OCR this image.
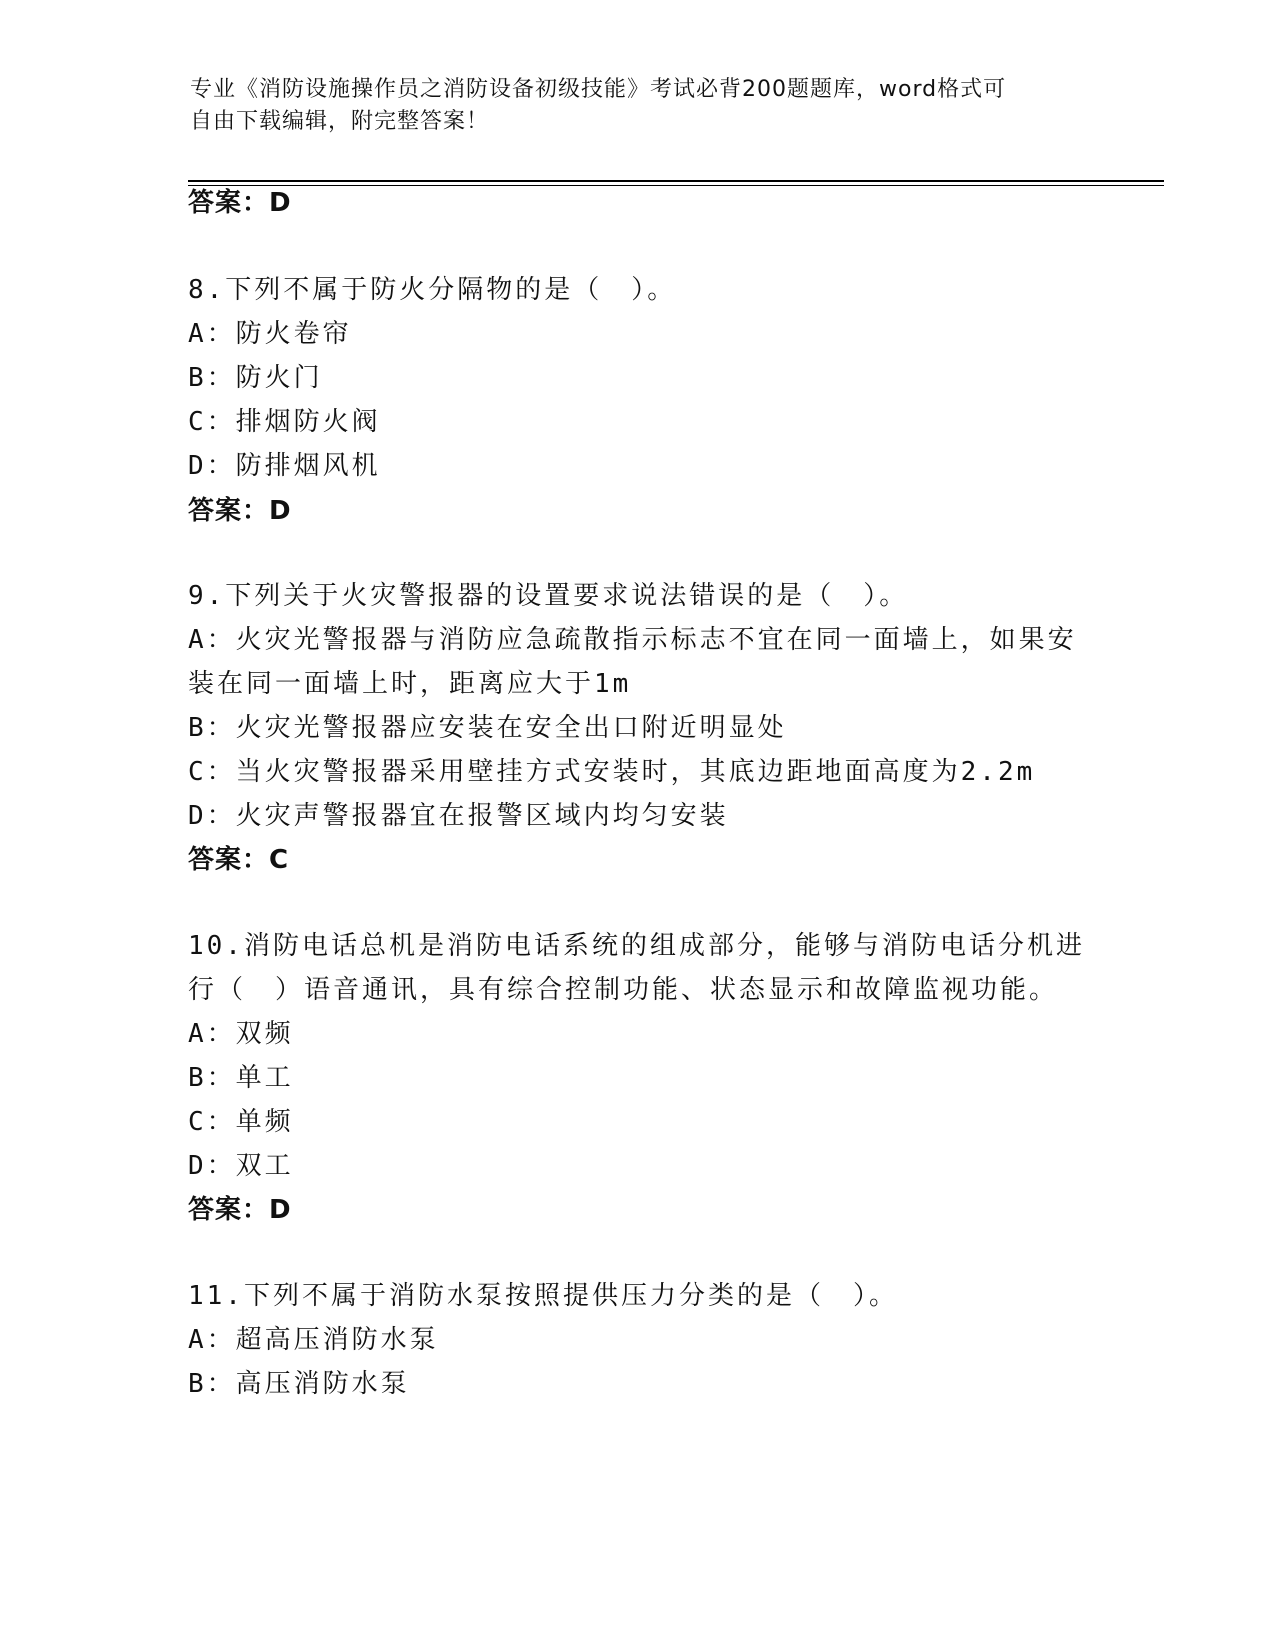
专业《消防设施操作员之消防设备初级技能》考试必背200题题库，word格式可
自由下载编辑，附完整答案！
答案：D
8.下列不属于防火分隔物的是（　）。
A：防火卷帘
B：防火门
C：排烟防火阀
D：防排烟风机
答案：D
9.下列关于火灾警报器的设置要求说法错误的是（　）。
A：火灾光警报器与消防应急疏散指示标志不宜在同一面墙上，如果安
装在同一面墙上时，距离应大于1m
B：火灾光警报器应安装在安全出口附近明显处
C：当火灾警报器采用壁挂方式安装时，其底边距地面高度为2.2m
D：火灾声警报器宜在报警区域内均匀安装
答案：C
10.消防电话总机是消防电话系统的组成部分，能够与消防电话分机进
行（　）语音通讯，具有综合控制功能、状态显示和故障监视功能。
A：双频
B：单工
C：单频
D：双工
答案：D
11.下列不属于消防水泵按照提供压力分类的是（　）。
A：超高压消防水泵
B：高压消防水泵
